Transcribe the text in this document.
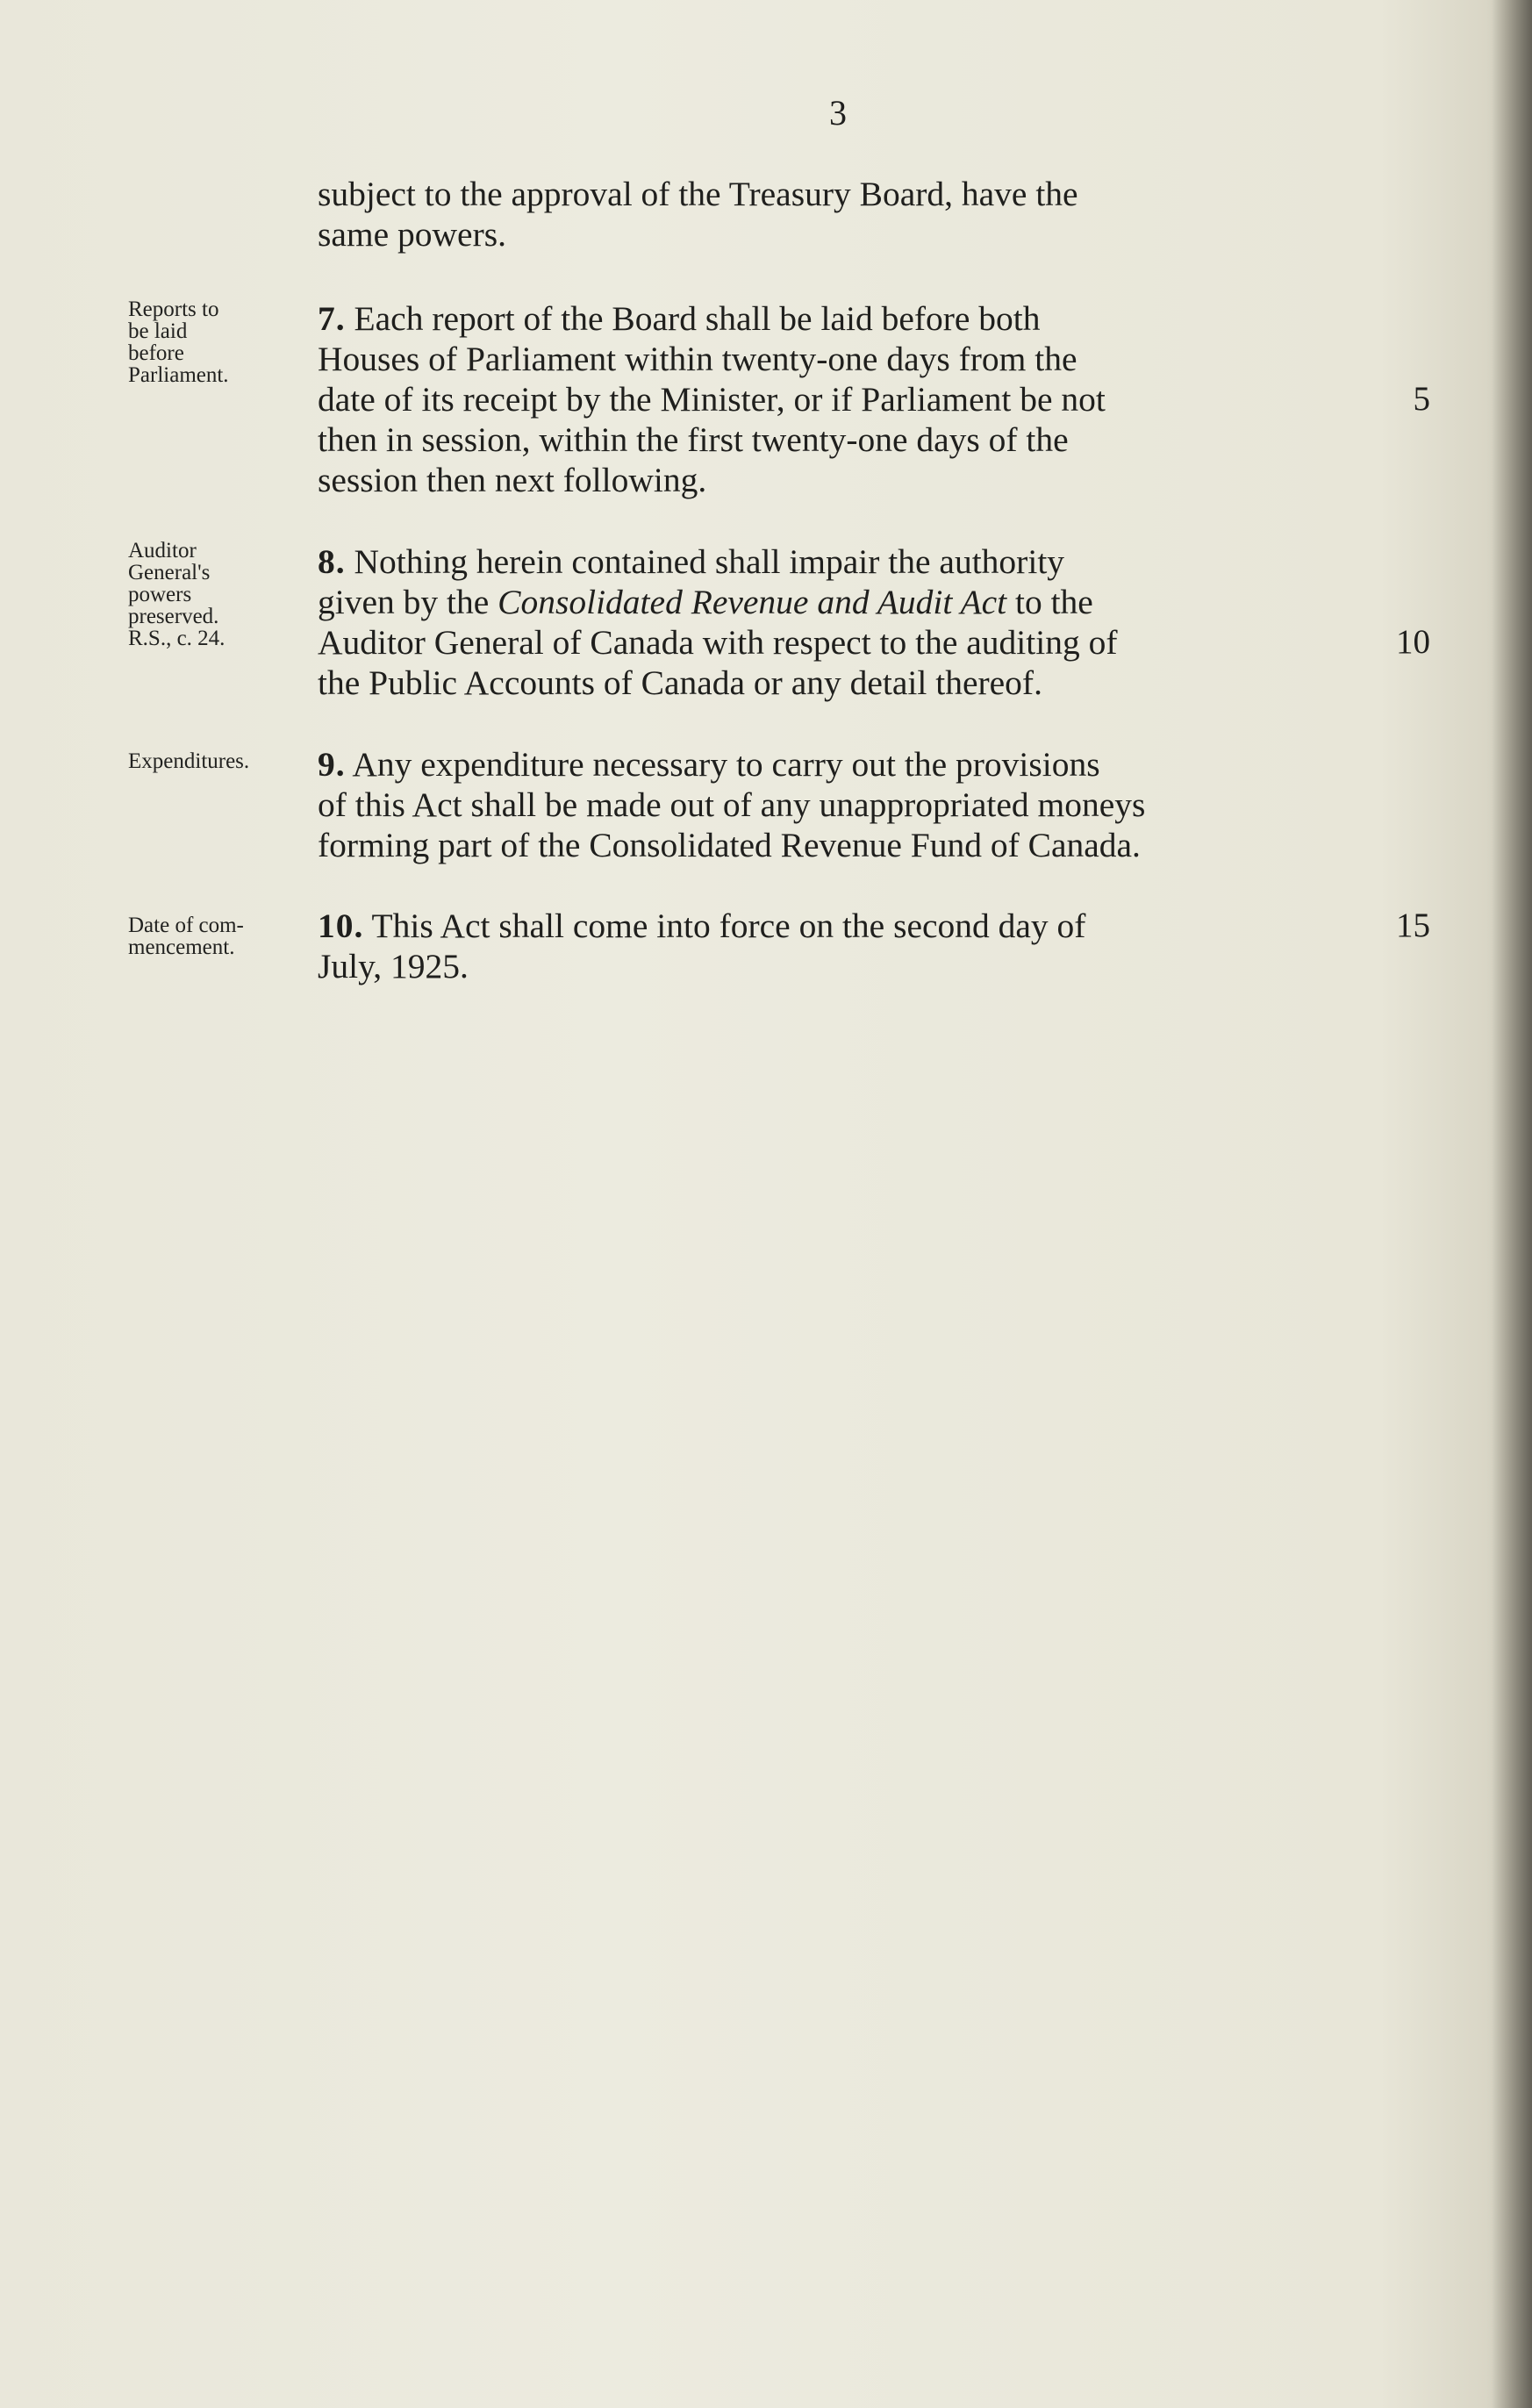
3
subject to the approval of the Treasury Board, have the
same powers.
Reports to
be laid
before
Parliament.
7. Each report of the Board shall be laid before both
Houses of Parliament within twenty-one days from the
date of its receipt by the Minister, or if Parliament be not
then in session, within the first twenty-one days of the
session then next following.
5
Auditor
General's
powers
preserved.
R.S., c. 24.
8. Nothing herein contained shall impair the authority
given by the Consolidated Revenue and Audit Act to the
Auditor General of Canada with respect to the auditing of
the Public Accounts of Canada or any detail thereof.
10
Expenditures.	9. Any expenditure necessary to carry out the provisions
of this Act shall be made out of any unappropriated moneys
forming part of the Consolidated Revenue Fund of Canada.
Date of com-
mencement.
10. This Act shall come into force on the second day of
July, 1925.
15
